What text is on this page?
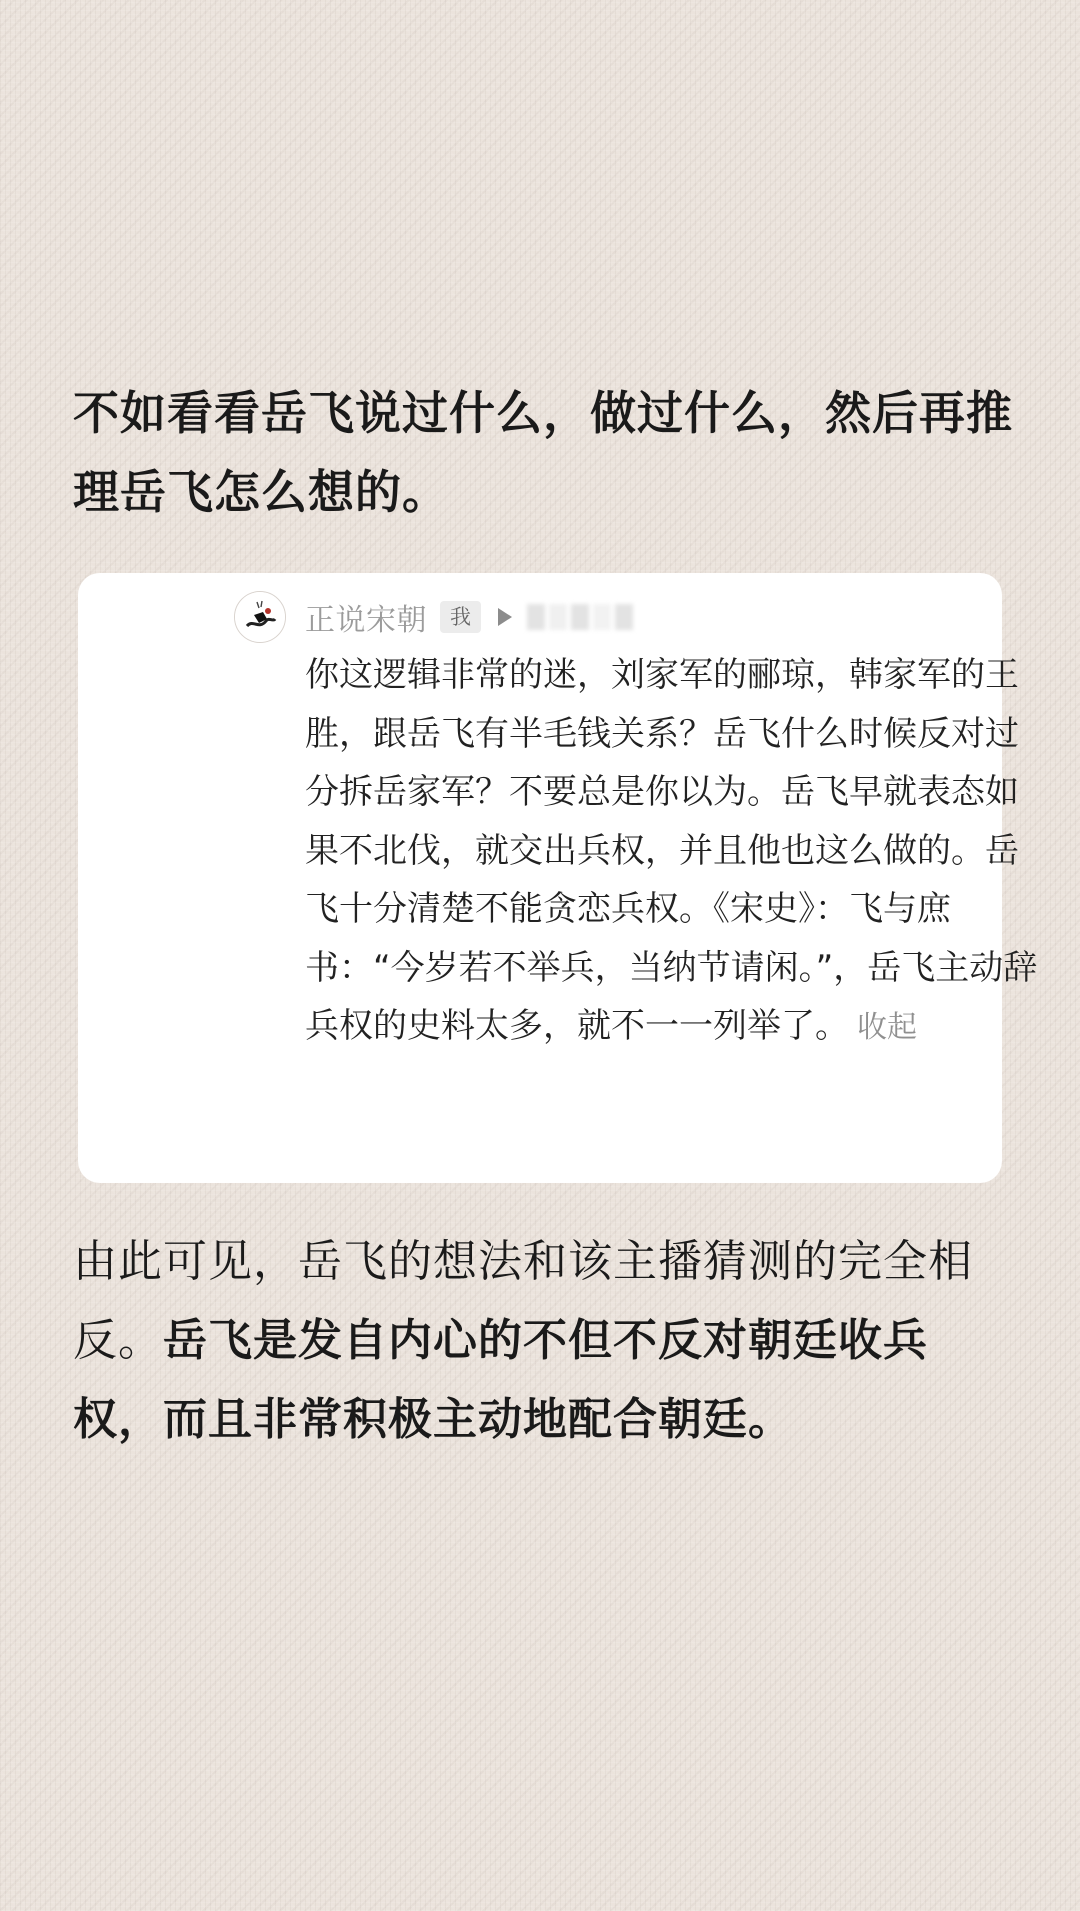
不如看看岳飞说过什么，做过什么，然后再推理岳飞怎么想的。

正说宋朝	我

你这逻辑非常的迷，刘家军的郦琼，韩家军的王胜，跟岳飞有半毛钱关系？岳飞什么时候反对过分拆岳家军？不要总是你以为。岳飞早就表态如果不北伐，就交出兵权，并且他也这么做的。岳飞十分清楚不能贪恋兵权。《宋史》：飞与庶书：“今岁若不举兵，当纳节请闲。”，岳飞主动辞兵权的史料太多，就不一一列举了。 收起

由此可见，岳飞的想法和该主播猜测的完全相反。岳飞是发自内心的不但不反对朝廷收兵权，而且非常积极主动地配合朝廷。
